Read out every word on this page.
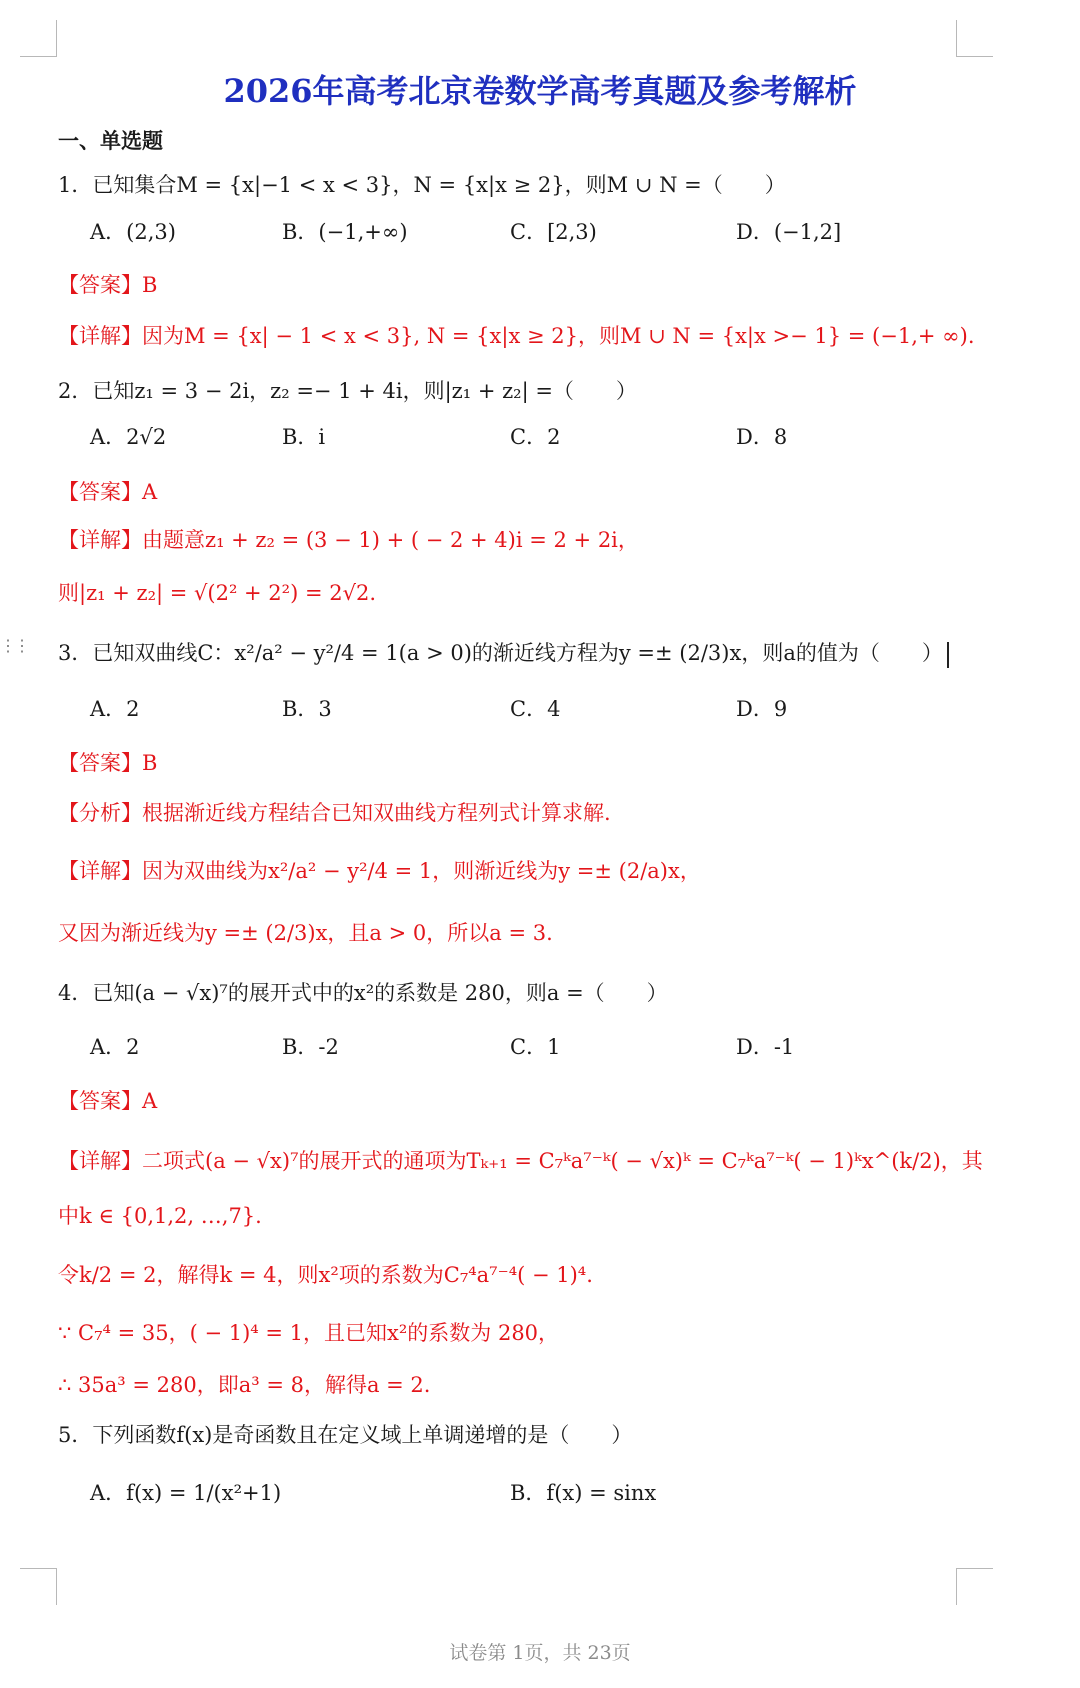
⋮⋮
2026年高考北京卷数学高考真题及参考解析
一、单选题
1．已知集合M = {x|−1 < x < 3}，N = {x|x ≥ 2}，则M ∪ N =（　　）
A．(2,3)	B．(−1,+∞)	C．[2,3)	D．(−1,2]
【答案】B
【详解】因为M = {x| − 1 < x < 3}, N = {x|x ≥ 2}，则M ∪ N = {x|x >− 1} = (−1,+ ∞).
2．已知z₁ = 3 − 2i，z₂ =− 1 + 4i，则|z₁ + z₂| =（　　）
A．2√2	B．i	C．2	D．8
【答案】A
【详解】由题意z₁ + z₂ = (3 − 1) + ( − 2 + 4)i = 2 + 2i，
则|z₁ + z₂| = √(2² + 2²) = 2√2.
3．已知双曲线C：x²/a² − y²/4 = 1(a > 0)的渐近线方程为y =± (2/3)x，则a的值为（　　）
A．2	B．3	C．4	D．9
【答案】B
【分析】根据渐近线方程结合已知双曲线方程列式计算求解.
【详解】因为双曲线为x²/a² − y²/4 = 1，则渐近线为y =± (2/a)x，
又因为渐近线为y =± (2/3)x，且a > 0，所以a = 3.
4．已知(a − √x)⁷的展开式中的x²的系数是 280，则a =（　　）
A．2	B．-2	C．1	D．-1
【答案】A
【详解】二项式(a − √x)⁷的展开式的通项为Tₖ₊₁ = C₇ᵏa⁷⁻ᵏ( − √x)ᵏ = C₇ᵏa⁷⁻ᵏ( − 1)ᵏx^(k/2)，其
中k ∈ {0,1,2, …,7}.
令k/2 = 2，解得k = 4，则x²项的系数为C₇⁴a⁷⁻⁴( − 1)⁴.
∵ C₇⁴ = 35，( − 1)⁴ = 1，且已知x²的系数为 280，
∴ 35a³ = 280，即a³ = 8，解得a = 2.
5．下列函数f(x)是奇函数且在定义域上单调递增的是（　　）
A．f(x) = 1/(x²+1)	B．f(x) = sinx
试卷第 1页，共 23页
